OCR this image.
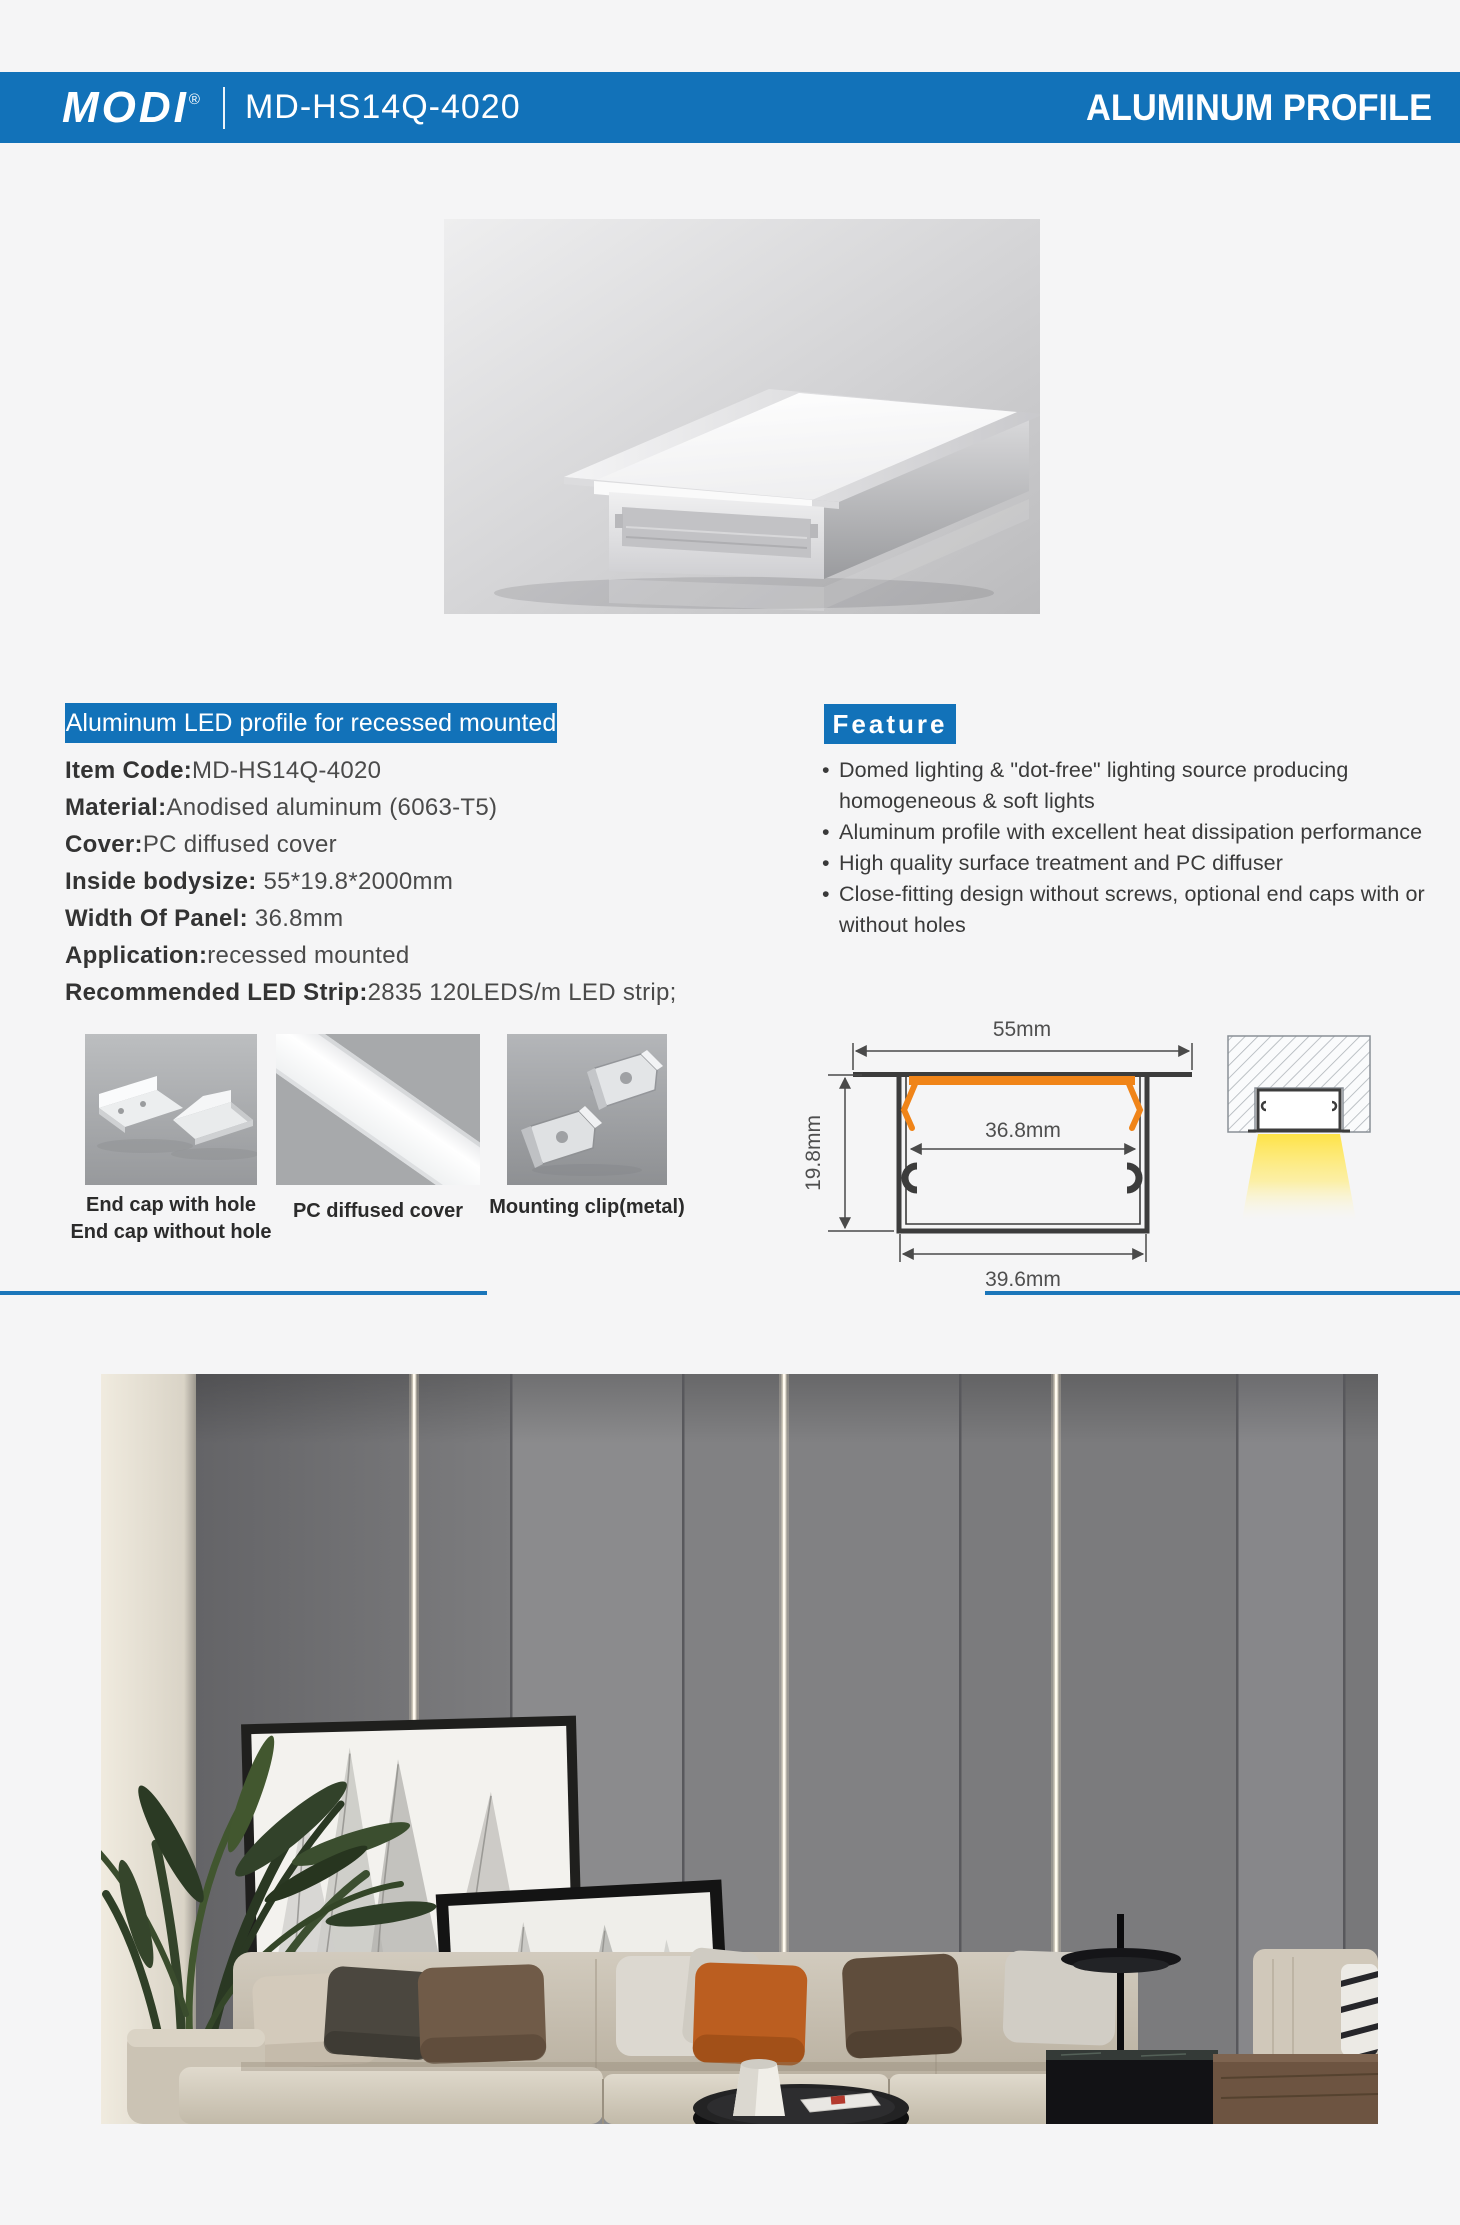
MODI® MD-HS14Q-4020	ALUMINUM PROFILE
Aluminum LED profile for recessed mounted
Item Code:MD-HS14Q-4020
Material:Anodised aluminum (6063-T5)
Cover:PC diffused cover
Inside bodysize: 55*19.8*2000mm
Width Of Panel: 36.8mm
Application:recessed mounted
Recommended LED Strip:2835 120LEDS/m LED strip;
Feature
• Domed lighting & "dot-free" lighting source producing homogeneous & soft lights
• Aluminum profile with excellent heat dissipation performance
• High quality surface treatment and PC diffuser
• Close-fitting design without screws, optional end caps with or without holes
End cap with hole
End cap without hole
PC diffused cover	Mounting clip(metal)
55mm
19.8mm	36.8mm
39.6mm
